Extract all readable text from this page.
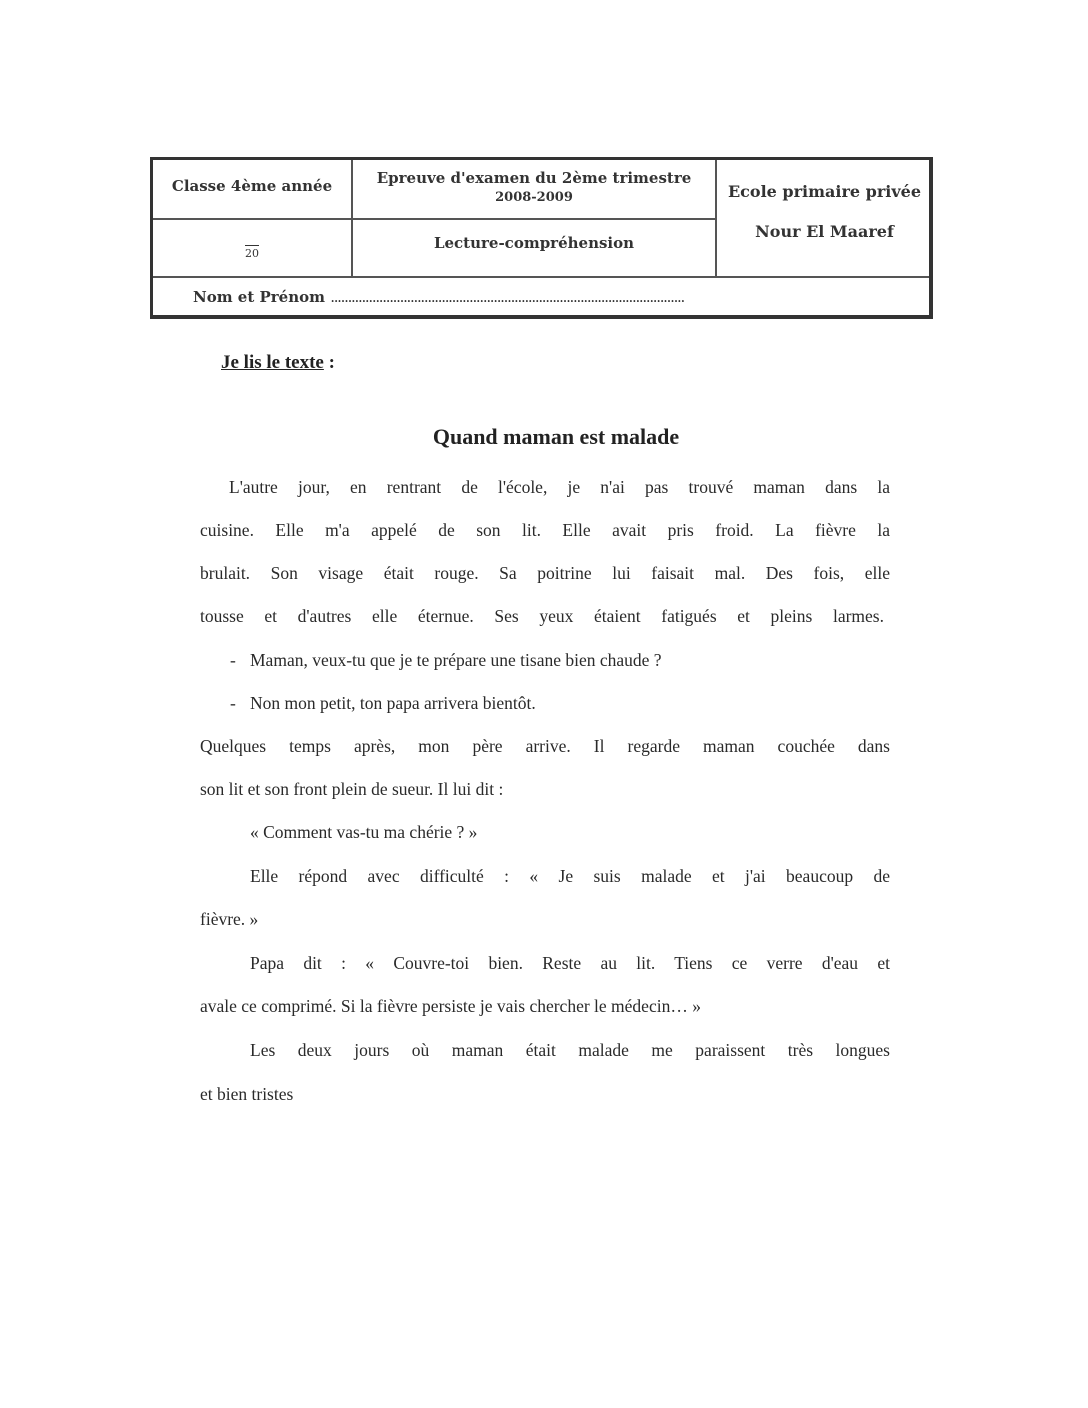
Classe 4ème année	Epreuve d'examen du 2ème trimestre
2008-2009	Ecole primaire privée
Nour El Maaref
20
Lecture-compréhension
Nom et Prénom ......................................................................................................
Je lis le texte :
Quand maman est malade
L'autre jour, en rentrant de l'école, je n'ai pas trouvé maman dans la
cuisine. Elle m'a appelé de son lit. Elle avait pris froid. La fièvre la
brulait. Son visage était rouge. Sa poitrine lui faisait mal. Des fois, elle
tousse et d'autres elle éternue. Ses yeux étaient fatigués et pleins larmes.
- Maman, veux-tu que je te prépare une tisane bien chaude ?
- Non mon petit, ton papa arrivera bientôt.
Quelques temps après, mon père arrive. Il regarde maman couchée dans
son lit et son front plein de sueur. Il lui dit :
« Comment vas-tu ma chérie ? »
Elle répond avec difficulté : « Je suis malade et j'ai beaucoup de
fièvre. »
Papa dit : « Couvre-toi bien. Reste au lit. Tiens ce verre d'eau et
avale ce comprimé. Si la fièvre persiste je vais chercher le médecin… »
Les deux jours où maman était malade me paraissent très longues
et bien tristes
